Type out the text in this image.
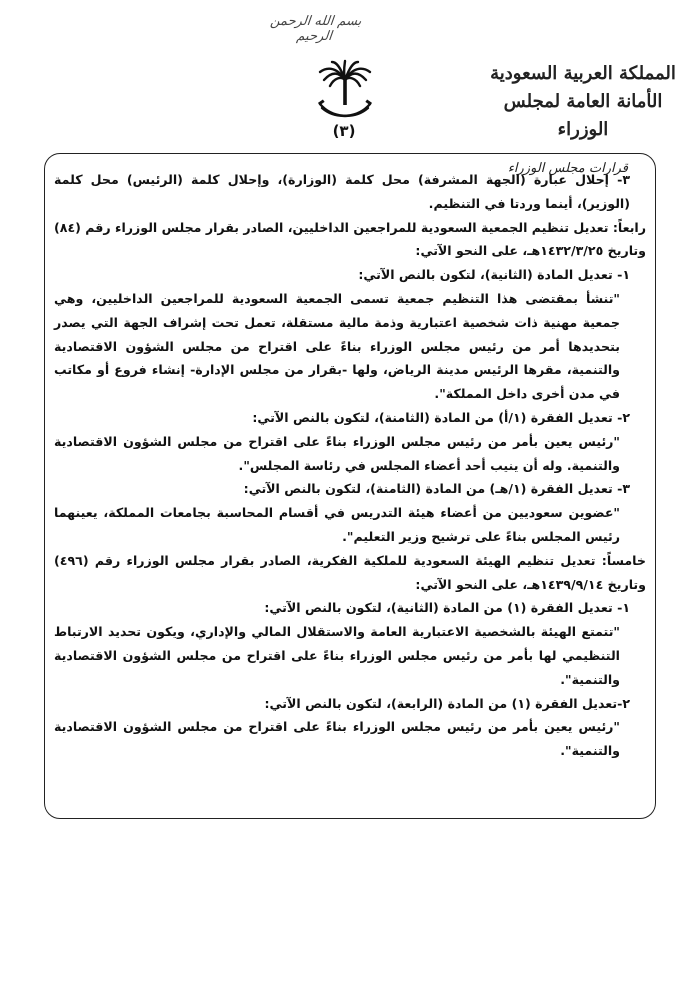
بسم الله الرحمن الرحيم
(٣)
المملكة العربية السعودية
الأمانة العامة لمجلس الوزراء
قرارات مجلس الوزراء

٣- إحلال عبارة (الجهة المشرفة) محل كلمة (الوزارة)، وإحلال كلمة (الرئيس) محل كلمة (الوزير)، أينما وردتا في التنظيم.

رابعاً: تعديل تنظيم الجمعية السعودية للمراجعين الداخليين، الصادر بقرار مجلس الوزراء رقم (٨٤) وتاريخ ١٤٣٢/٣/٢٥هـ، على النحو الآتي:

١- تعديل المادة (الثانية)، لتكون بالنص الآتي:

"تنشأ بمقتضى هذا التنظيم جمعية تسمى الجمعية السعودية للمراجعين الداخليين، وهي جمعية مهنية ذات شخصية اعتبارية وذمة مالية مستقلة، تعمل تحت إشراف الجهة التي يصدر بتحديدها أمر من رئيس مجلس الوزراء بناءً على اقتراح من مجلس الشؤون الاقتصادية والتنمية، مقرها الرئيس مدينة الرياض، ولها -بقرار من مجلس الإدارة- إنشاء فروع أو مكاتب في مدن أخرى داخل المملكة".

٢- تعديل الفقرة (١/أ) من المادة (الثامنة)، لتكون بالنص الآتي:

"رئيس يعين بأمر من رئيس مجلس الوزراء بناءً على اقتراح من مجلس الشؤون الاقتصادية والتنمية. وله أن ينيب أحد أعضاء المجلس في رئاسة المجلس".

٣- تعديل الفقرة (١/هـ) من المادة (الثامنة)، لتكون بالنص الآتي:

"عضوين سعوديين من أعضاء هيئة التدريس في أقسام المحاسبة بجامعات المملكة، يعينهما رئيس المجلس بناءً على ترشيح وزير التعليم".

خامساً: تعديل تنظيم الهيئة السعودية للملكية الفكرية، الصادر بقرار مجلس الوزراء رقم (٤٩٦) وتاريخ ١٤٣٩/٩/١٤هـ، على النحو الآتي:

١- تعديل الفقرة (١) من المادة (الثانية)، لتكون بالنص الآتي:

"تتمتع الهيئة بالشخصية الاعتبارية العامة والاستقلال المالي والإداري، ويكون تحديد الارتباط التنظيمي لها بأمر من رئيس مجلس الوزراء بناءً على اقتراح من مجلس الشؤون الاقتصادية والتنمية".

٢-تعديل الفقرة (١) من المادة (الرابعة)، لتكون بالنص الآتي:

"رئيس يعين بأمر من رئيس مجلس الوزراء بناءً على اقتراح من مجلس الشؤون الاقتصادية والتنمية".
